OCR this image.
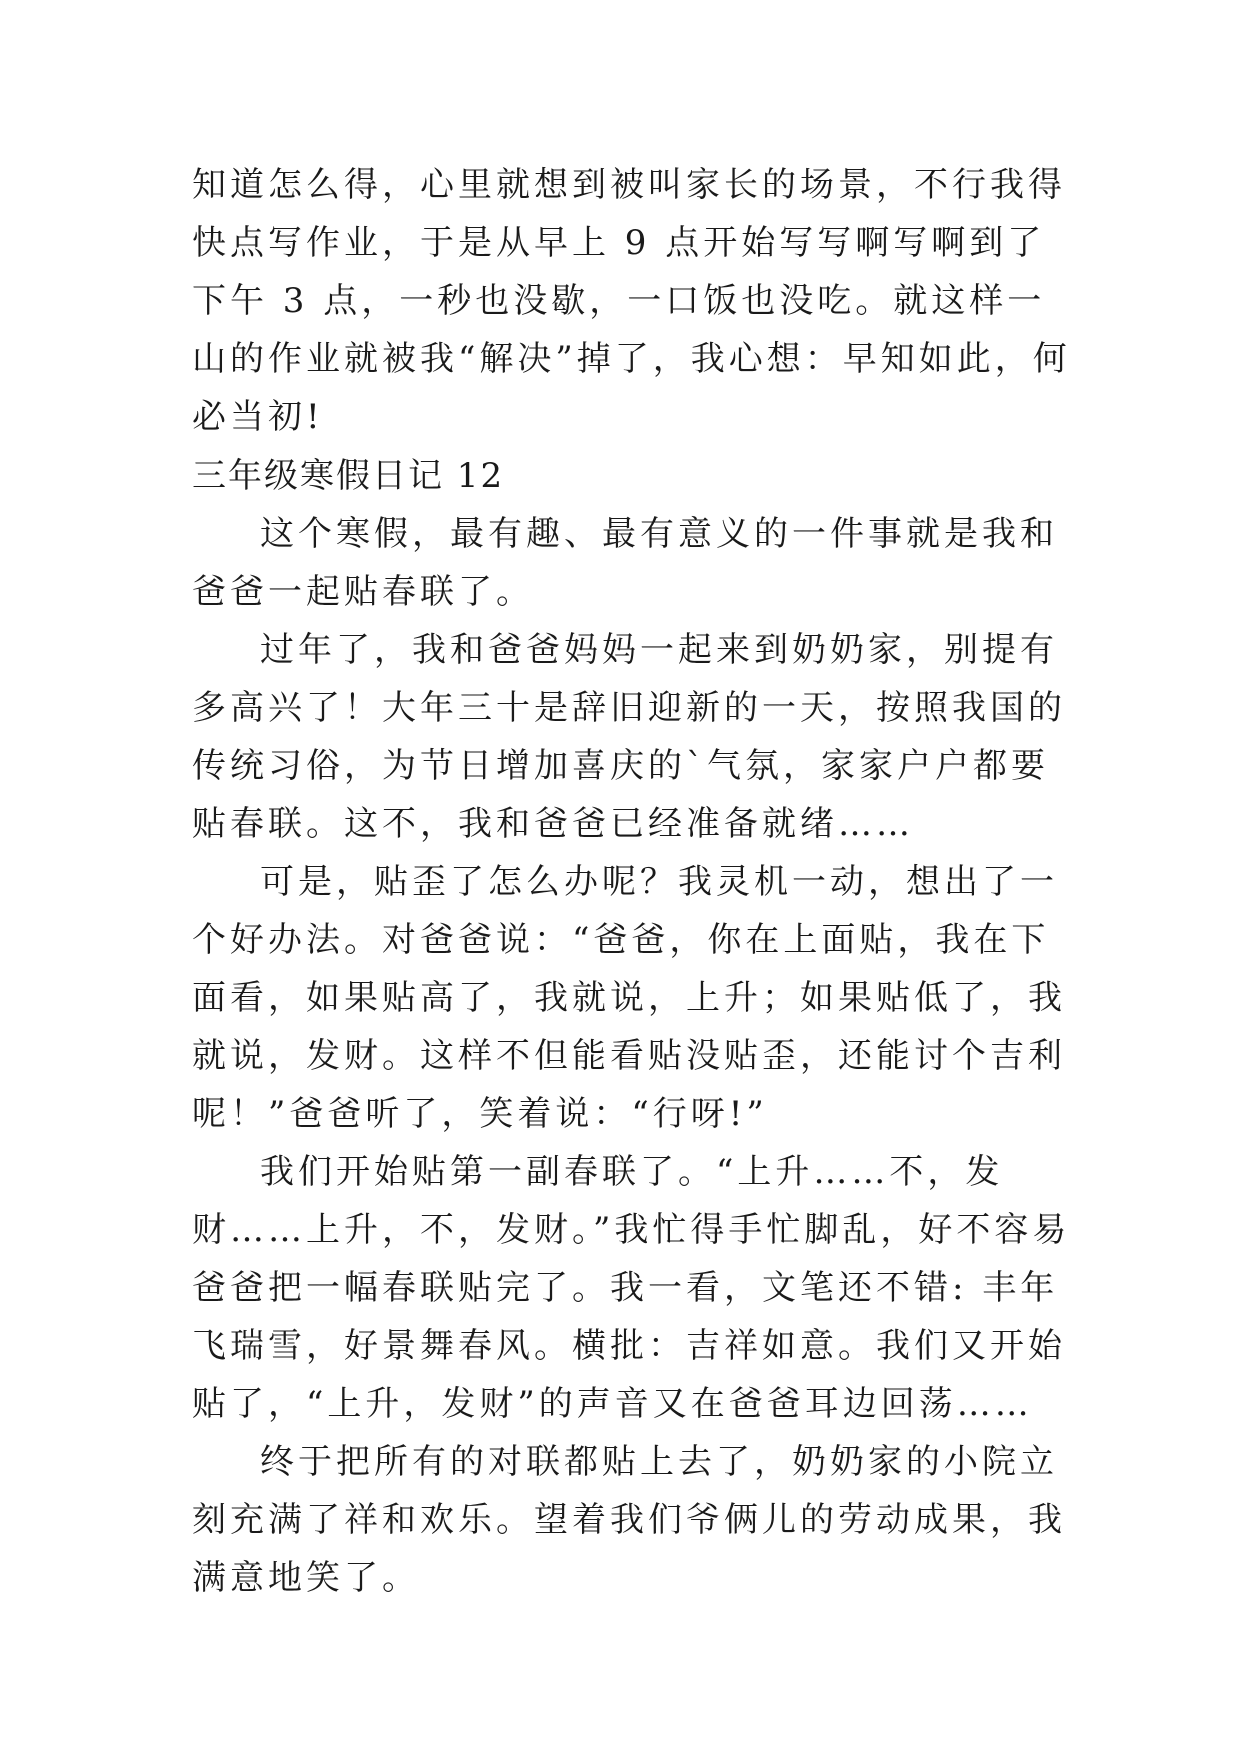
知道怎么得，心里就想到被叫家长的场景，不行我得快点写作业，于是从早上 9 点开始写写啊写啊到了下午 3 点，一秒也没歇，一口饭也没吃。就这样一山的作业就被我“解决”掉了，我心想：早知如此，何必当初!

三年级寒假日记 12

这个寒假，最有趣、最有意义的一件事就是我和爸爸一起贴春联了。

过年了，我和爸爸妈妈一起来到奶奶家，别提有多高兴了！大年三十是辞旧迎新的一天，按照我国的传统习俗，为节日增加喜庆的`气氛，家家户户都要贴春联。这不，我和爸爸已经准备就绪……

可是，贴歪了怎么办呢？我灵机一动，想出了一个好办法。对爸爸说：“爸爸，你在上面贴，我在下面看，如果贴高了，我就说，上升；如果贴低了，我就说，发财。这样不但能看贴没贴歪，还能讨个吉利呢！”爸爸听了，笑着说：“行呀!”

我们开始贴第一副春联了。“上升……不，发财……上升，不，发财。”我忙得手忙脚乱，好不容易爸爸把一幅春联贴完了。我一看，文笔还不错: 丰年飞瑞雪，好景舞春风。横批：吉祥如意。我们又开始贴了，“上升，发财”的声音又在爸爸耳边回荡……

终于把所有的对联都贴上去了，奶奶家的小院立刻充满了祥和欢乐。望着我们爷俩儿的劳动成果，我满意地笑了。
